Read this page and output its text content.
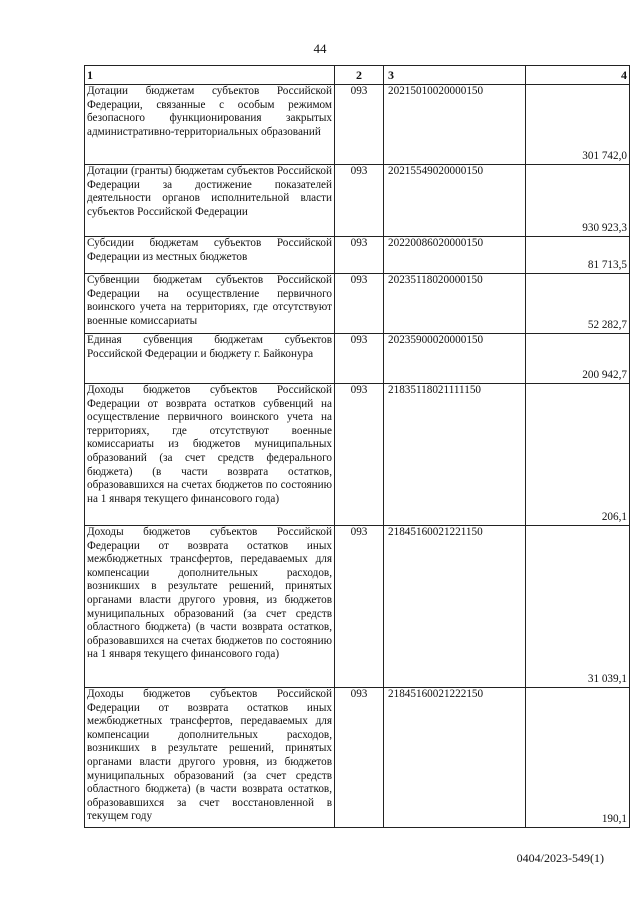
44
1	2	3	4
Дотации бюджетам субъектов Российской Федерации, связанные с особым режимом безопасного функционирования закрытых административно-территориальных образований	093	20215010020000150	301 742,0
Дотации (гранты) бюджетам субъектов Российской Федерации за достижение показателей деятельности органов исполнительной власти субъектов Российской Федерации	093	20215549020000150	930 923,3
Субсидии бюджетам субъектов Российской Федерации из местных бюджетов	093	20220086020000150	81 713,5
Субвенции бюджетам субъектов Российской Федерации на осуществление первичного воинского учета на территориях, где отсутствуют военные комиссариаты	093	20235118020000150	52 282,7
Единая субвенция бюджетам субъектов Российской Федерации и бюджету г. Байконура	093	20235900020000150	200 942,7
Доходы бюджетов субъектов Российской Федерации от возврата остатков субвенций на осуществление первичного воинского учета на территориях, где отсутствуют военные комиссариаты из бюджетов муниципальных образований (за счет средств федерального бюджета) (в части возврата остатков, образовавшихся на счетах бюджетов по состоянию на 1 января текущего финансового года)	093	21835118021111150	206,1
Доходы бюджетов субъектов Российской Федерации от возврата остатков иных межбюджетных трансфертов, передаваемых для компенсации дополнительных расходов, возникших в результате решений, принятых органами власти другого уровня, из бюджетов муниципальных образований (за счет средств областного бюджета) (в части возврата остатков, образовавшихся на счетах бюджетов по состоянию на 1 января текущего финансового года)	093	21845160021221150	31 039,1
Доходы бюджетов субъектов Российской Федерации от возврата остатков иных межбюджетных трансфертов, передаваемых для компенсации дополнительных расходов, возникших в результате решений, принятых органами власти другого уровня, из бюджетов муниципальных образований (за счет средств областного бюджета) (в части возврата остатков, образовавшихся за счет восстановленной в текущем году	093	21845160021222150	190,1
0404/2023-549(1)
